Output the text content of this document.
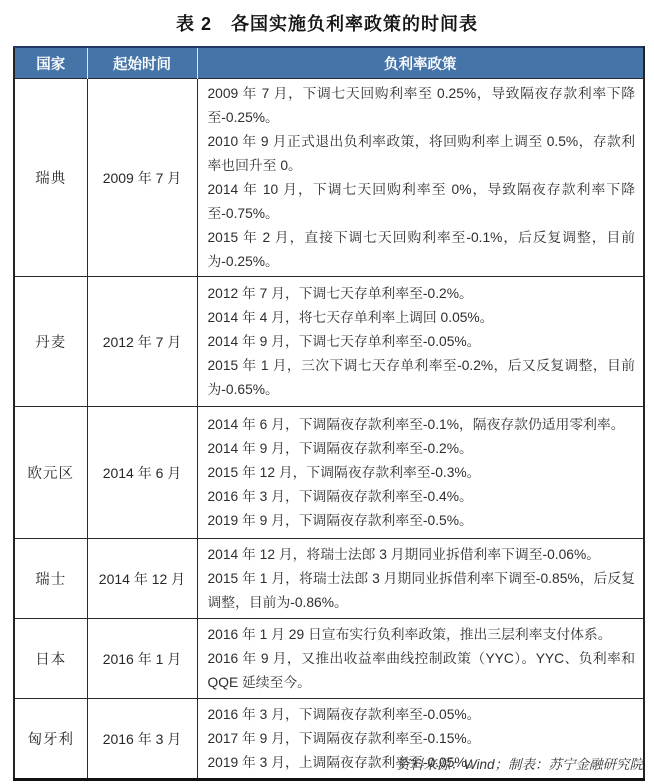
表 2　各国实施负利率政策的时间表
国家	起始时间	负利率政策
瑞典	2009 年 7 月	2009 年 7 月，下调七天回购利率至 0.25%，导致隔夜存款利率下降至-0.25%。
2010 年 9 月正式退出负利率政策，将回购利率上调至 0.5%，存款利率也回升至 0。
2014 年 10 月，下调七天回购利率至 0%，导致隔夜存款利率下降至-0.75%。
2015 年 2 月，直接下调七天回购利率至-0.1%，后反复调整，目前为-0.25%。

丹麦	2012 年 7 月	2012 年 7 月，下调七天存单利率至-0.2%。
2014 年 4 月，将七天存单利率上调回 0.05%。
2014 年 9 月，下调七天存单利率至-0.05%。
2015 年 1 月，三次下调七天存单利率至-0.2%，后又反复调整，目前为-0.65%。

欧元区	2014 年 6 月	2014 年 6 月，下调隔夜存款利率至-0.1%，隔夜存款仍适用零利率。
2014 年 9 月，下调隔夜存款利率至-0.2%。
2015 年 12 月，下调隔夜存款利率至-0.3%。
2016 年 3 月，下调隔夜存款利率至-0.4%。
2019 年 9 月，下调隔夜存款利率至-0.5%。

瑞士	2014 年 12 月	2014 年 12 月，将瑞士法郎 3 月期同业拆借利率下调至-0.06%。
2015 年 1 月，将瑞士法郎 3 月期同业拆借利率下调至-0.85%，后反复调整，目前为-0.86%。

日本	2016 年 1 月	2016 年 1 月 29 日宣布实行负利率政策，推出三层利率支付体系。
2016 年 9 月，又推出收益率曲线控制政策（YYC）。YYC、负利率和 QQE 延续至今。

匈牙利	2016 年 3 月	2016 年 3 月，下调隔夜存款利率至-0.05%。
2017 年 9 月，下调隔夜存款利率至-0.15%。
2019 年 3 月，上调隔夜存款利率至-0.05%。
资料来源：Wind；制表：苏宁金融研究院
